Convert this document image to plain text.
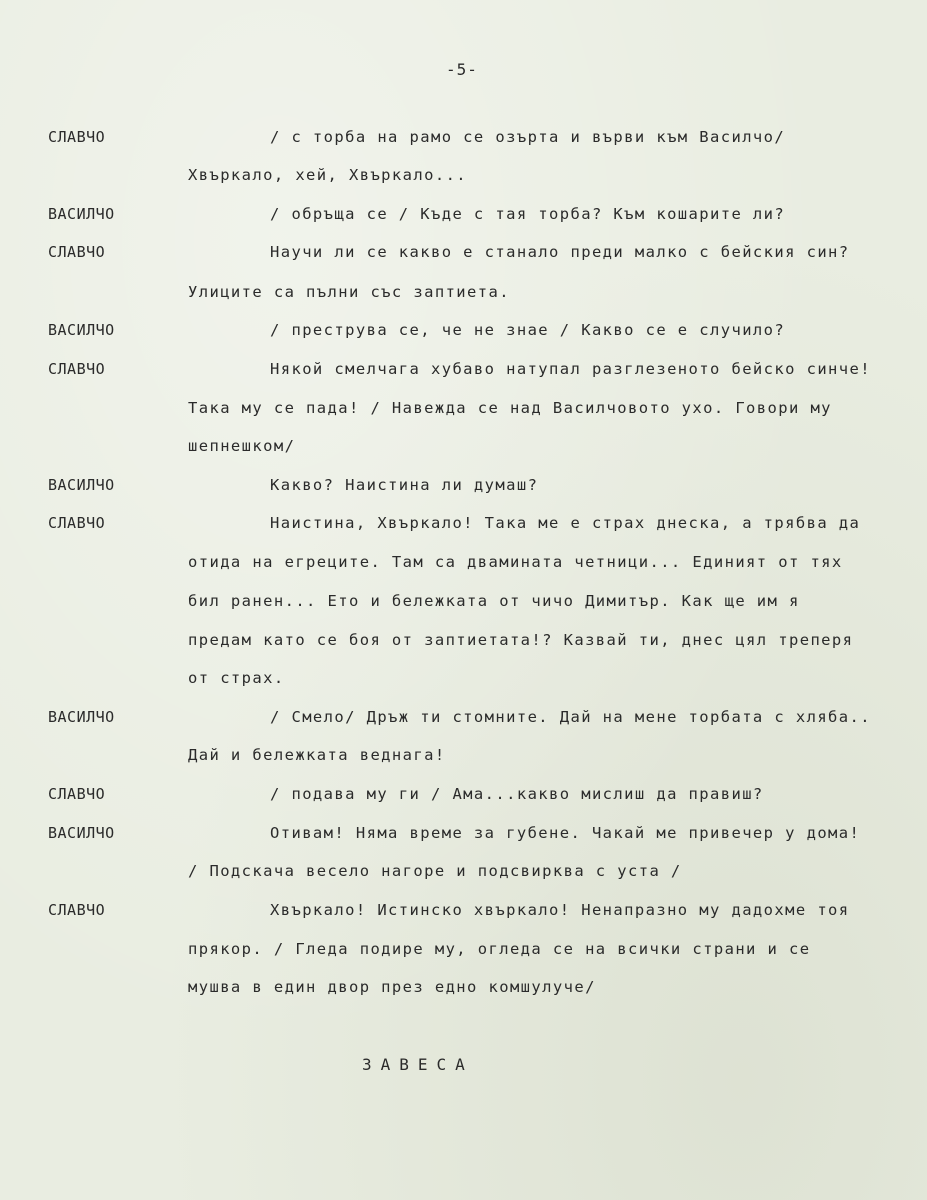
-5-
СЛАВЧО	/ с торба на рамо се озърта и върви към Василчо/
Хвъркало, хей, Хвъркало...
ВАСИЛЧО	/ обръща се / Къде с тая торба? Към кошарите ли?
СЛАВЧО	Научи ли се какво е станало преди малко с бейския син?
Улиците са пълни със заптиета.
ВАСИЛЧО	/ преструва се, че не знае / Какво се е случило?
СЛАВЧО	Някой смелчага хубаво натупал разглезеното бейско синче!
Така му се пада! / Навежда се над Василчовото ухо. Говори му
шепнешком/
ВАСИЛЧО	Какво? Наистина ли думаш?
СЛАВЧО	Наистина, Хвъркало! Така ме е страх днеска, а трябва да
отида на егреците. Там са двамината четници... Единият от тях
бил ранен... Ето и бележката от чичо Димитър. Как ще им я
предам като се боя от заптиетата!? Казвай ти, днес цял треперя
от страх.
ВАСИЛЧО	/ Смело/ Дръж ти стомните. Дай на мене торбата с хляба..
Дай и бележката веднага!
СЛАВЧО	/ подава му ги / Ама...какво мислиш да правиш?
ВАСИЛЧО	Отивам! Няма време за губене. Чакай ме привечер у дома!
/ Подскача весело нагоре и подсвирква с уста /
СЛАВЧО	Хвъркало! Истинско хвъркало! Ненапразно му дадохме тоя
прякор. / Гледа подире му, огледа се на всички страни и се
мушва в един двор през едно комшулуче/
ЗАВЕСА
